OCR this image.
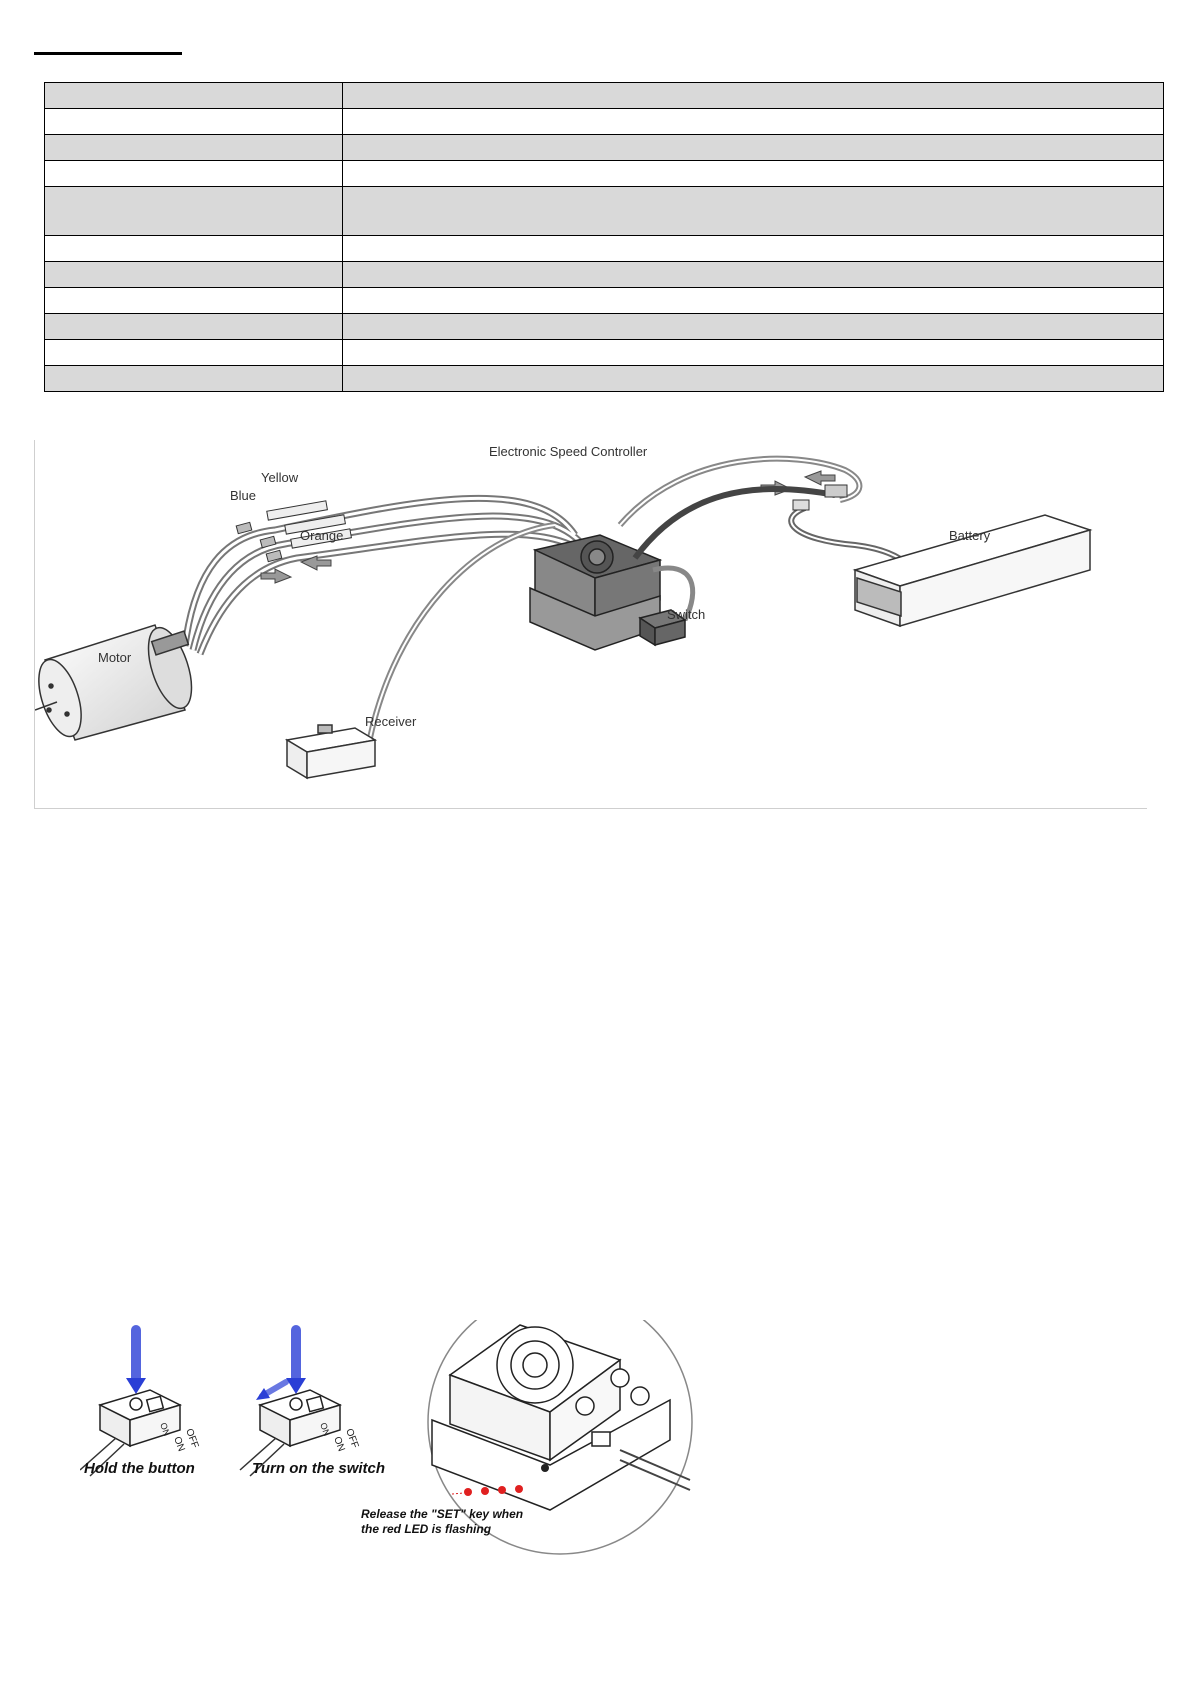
Electronic Speed Controller
Yellow
Blue
Orange	Battery
Switch
Motor
Receiver
ON OFF
ON
Hold the button
ON OFF
ON
Turn on the switch
Release the "SET" key when
the red LED is flashing
